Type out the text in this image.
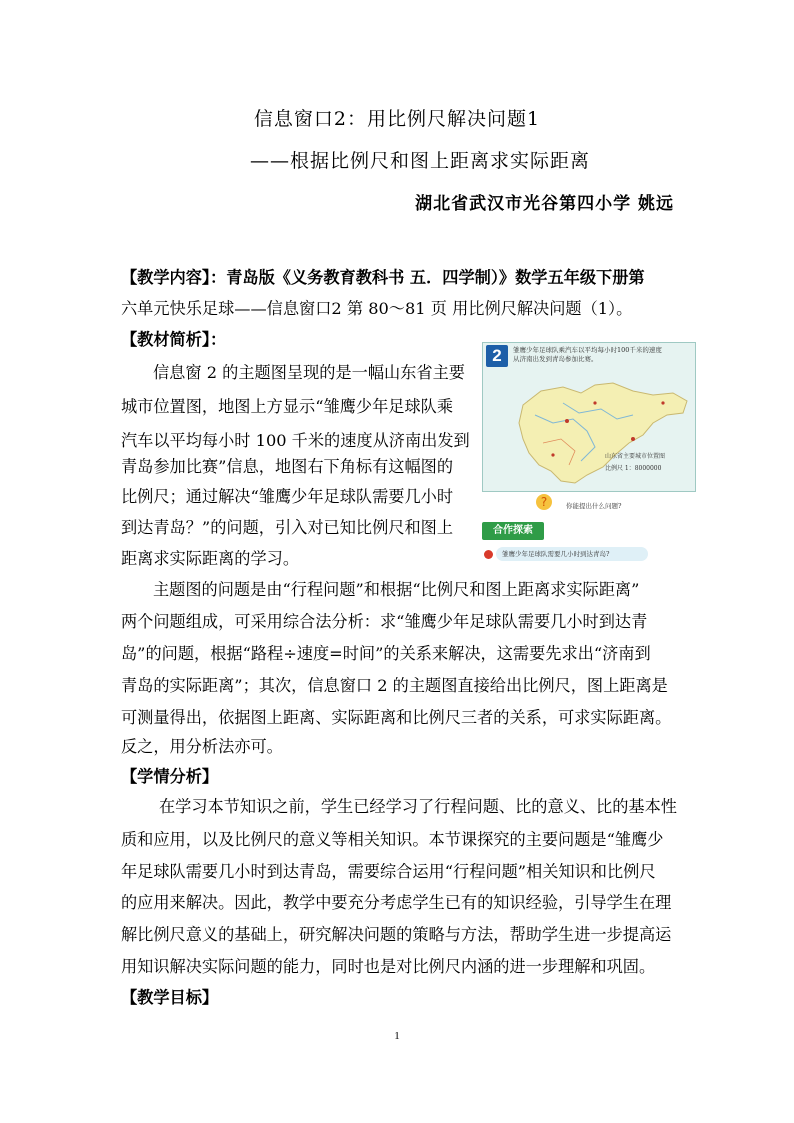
信息窗口2：用比例尺解决问题1
——根据比例尺和图上距离求实际距离
湖北省武汉市光谷第四小学 姚远
【教学内容】：青岛版《义务教育教科书 五．四学制）》数学五年级下册第
六单元快乐足球——信息窗口2 第 80～81 页 用比例尺解决问题（1）。
【教材简析】：
信息窗 2 的主题图呈现的是一幅山东省主要
城市位置图，地图上方显示“雏鹰少年足球队乘
汽车以平均每小时 100 千米的速度从济南出发到
青岛参加比赛”信息，地图右下角标有这幅图的
比例尺；通过解决“雏鹰少年足球队需要几小时
到达青岛？”的问题，引入对已知比例尺和图上
距离求实际距离的学习。
主题图的问题是由“行程问题”和根据“比例尺和图上距离求实际距离”
两个问题组成，可采用综合法分析：求“雏鹰少年足球队需要几小时到达青
岛”的问题，根据“路程÷速度=时间”的关系来解决，这需要先求出“济南到
青岛的实际距离”；其次，信息窗口 2 的主题图直接给出比例尺，图上距离是
可测量得出，依据图上距离、实际距离和比例尺三者的关系，可求实际距离。
反之，用分析法亦可。
【学情分析】
在学习本节知识之前，学生已经学习了行程问题、比的意义、比的基本性
质和应用，以及比例尺的意义等相关知识。本节课探究的主要问题是“雏鹰少
年足球队需要几小时到达青岛，需要综合运用“行程问题”相关知识和比例尺
的应用来解决。因此，教学中要充分考虑学生已有的知识经验，引导学生在理
解比例尺意义的基础上，研究解决问题的策略与方法，帮助学生进一步提高运
用知识解决实际问题的能力，同时也是对比例尺内涵的进一步理解和巩固。
【教学目标】
2	雏鹰少年足球队乘汽车以平均每小时100千米的速度
从济南出发到青岛参加比赛。
山东省主要城市位置图
比例尺 1：8000000
?	你能提出什么问题?
合作探索
雏鹰少年足球队需要几小时到达青岛?
1
